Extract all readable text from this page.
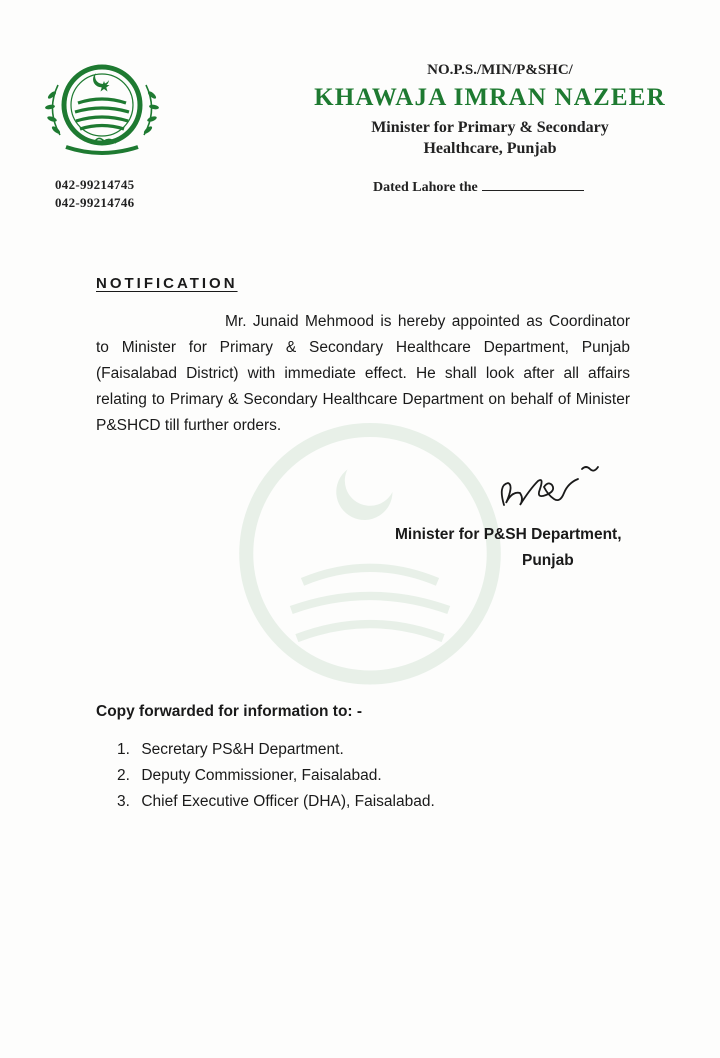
042-99214745
042-99214746
NO.P.S./MIN/P&SHC/
KHAWAJA IMRAN NAZEER
Minister for Primary & Secondary
Healthcare, Punjab
Dated Lahore the
NOTIFICATION
Mr. Junaid Mehmood is hereby appointed as Coordinator to Minister for Primary & Secondary Healthcare Department, Punjab (Faisalabad District) with immediate effect. He shall look after all affairs relating to Primary & Secondary Healthcare Department on behalf of Minister P&SHCD till further orders.
Minister for P&SH Department,
Punjab
Copy forwarded for information to: -
1. Secretary PS&H Department.
2. Deputy Commissioner, Faisalabad.
3. Chief Executive Officer (DHA), Faisalabad.
